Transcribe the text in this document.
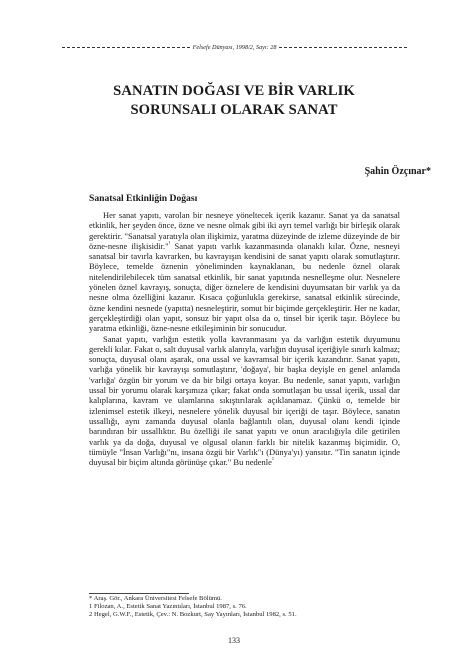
Felsefe Dünyası, 1998/2, Sayı: 28
SANATIN DOĞASI VE BİR VARLIK
SORUNSALI OLARAK SANAT
Şahin Özçınar*
Sanatsal Etkinliğin Doğası

Her sanat yapıtı, varolan bir nesneye yöneltecek içerik kazanır. Sanat ya da sanatsal etkinlik, her şeyden önce, özne ve nesne olmak gibi iki ayrı temel varlığı bir birleşik olarak gerektirir. "Sanatsal yaratıyla olan ilişkimiz, yaratma düzeyinde de izleme düzeyinde de bir özne-nesne ilişkisidir."$^{^1}$ Sanat yapıtı varlık kazanmasında olanaklı kılar. Özne, nesneyi sanatsal bir tavırla kavrarken, bu kavrayışın kendisini de sanat yapıtı olarak somutlaştırır. Böylece, temelde öznenin yöneliminden kaynaklanan, bu nedenle öznel olarak nitelendirilebilecek tüm sanatsal etkinlik, bir sanat yapıtında nesnelleşme olur. Nesnelere yönelen öznel kavrayış, sonuçta, diğer öznelere de kendisini duyumsatan bir varlık ya da nesne olma özelliğini kazanır. Kısaca çoğunlukla gerekirse, sanatsal etkinlik sürecinde, özne kendini nesnede (yapıtta) nesneleştirir, somut bir biçimde gerçekleştirir. Her ne kadar, gerçekleştirdiği olan yapıt, sonsuz bir yapıt olsa da o, tinsel bir içerik taşır. Böylece bu yaratma etkinliği, özne-nesne etkileşiminin bir sonucudur.

Sanat yapıtı, varlığın estetik yolla kavranmasını ya da varlığın estetik duyumunu gerekli kılar. Fakat o, salt duyusal varlık alanıyla, varlığın duyusal içeriğiyle sınırlı kalmaz; sonuçta, duyusal olanı aşarak, ona ussal ve kavramsal bir içerik kazandırır. Sanat yapıtı, varlığa yönelik bir kavrayışı somutlaştırır, 'doğaya', bir başka deyişle en genel anlamda 'varlığa' özgün bir yorum ve da bir bilgi ortaya koyar. Bu nedenle, sanat yapıtı, varlığın ussal bir yorumu olarak karşımıza çıkar; fakat onda somutlaşan bu ussal içerik, ussal dar kalıplarına, kavram ve ulamlarına sıkıştırılarak açıklanamaz. Çünkü o, temelde bir izlenimsel estetik ilkeyi, nesnelere yönelik duyusal bir içeriği de taşır. Böylece, sanatın ussallığı, aynı zamanda duyusal olanla bağlantılı olan, duyusal olanı kendi içinde barındıran bir ussallıktır. Bu özelliği ile sanat yapıtı ve onun aracılığıyla dile getirilen varlık ya da doğa, duyusal ve olgusal olanın farklı bir nitelik kazanmış biçimidir. O, tümüyle "İnsan Varlığı"nı, insana özgü bir Varlık"ı (Dünya'yı) yansıtır. "Tin sanatın içinde duyusal bir biçim altında görünüşe çıkar." Bu nedenle$^{^2}$

* Araş. Gör., Ankara Üniversitesi Felsefe Bölümü.
1 Filozan, A., Estetik Sanat Yazıntıları, İstanbul 1987, s. 76.
2 Hegel, G.W.F., Estetik, Çev.: N. Bozkurt, Say Yayınları, İstanbul 1982, s. 51.
133
